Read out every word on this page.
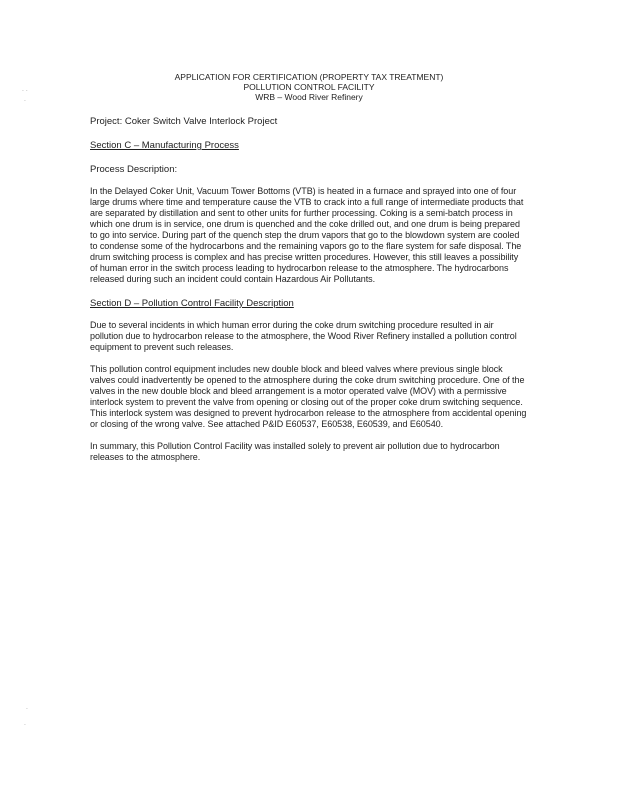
· ·
·
·
·
APPLICATION FOR CERTIFICATION (PROPERTY TAX TREATMENT)
POLLUTION CONTROL FACILITY
WRB – Wood River Refinery
Project: Coker Switch Valve Interlock Project
Section C – Manufacturing Process
Process Description:

In the Delayed Coker Unit, Vacuum Tower Bottoms (VTB) is heated in a furnace and sprayed into one of four large drums where time and temperature cause the VTB to crack into a full range of intermediate products that are separated by distillation and sent to other units for further processing. Coking is a semi-batch process in which one drum is in service, one drum is quenched and the coke drilled out, and one drum is being prepared to go into service. During part of the quench step the drum vapors that go to the blowdown system are cooled to condense some of the hydrocarbons and the remaining vapors go to the flare system for safe disposal. The drum switching process is complex and has precise written procedures. However, this still leaves a possibility of human error in the switch process leading to hydrocarbon release to the atmosphere. The hydrocarbons released during such an incident could contain Hazardous Air Pollutants.

Section D – Pollution Control Facility Description

Due to several incidents in which human error during the coke drum switching procedure resulted in air pollution due to hydrocarbon release to the atmosphere, the Wood River Refinery installed a pollution control equipment to prevent such releases.

This pollution control equipment includes new double block and bleed valves where previous single block valves could inadvertently be opened to the atmosphere during the coke drum switching procedure. One of the valves in the new double block and bleed arrangement is a motor operated valve (MOV) with a permissive interlock system to prevent the valve from opening or closing out of the proper coke drum switching sequence. This interlock system was designed to prevent hydrocarbon release to the atmosphere from accidental opening or closing of the wrong valve. See attached P&ID E60537, E60538, E60539, and E60540.

In summary, this Pollution Control Facility was installed solely to prevent air pollution due to hydrocarbon releases to the atmosphere.
